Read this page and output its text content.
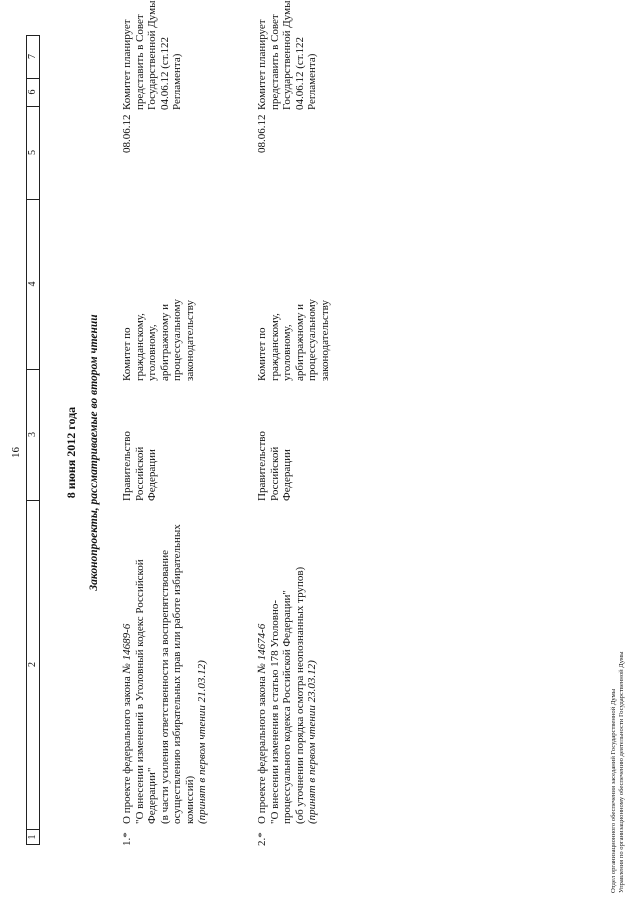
16
1
2
3
4
5
6
7
8 июня 2012 года Законопроекты, рассматриваемые во втором чтении
1.*
О проекте федерального закона № 14689-6 "О внесении изменений в Уголовный кодекс Российской Федерации" (в части усиления ответственности за воспрепятствование осуществлению избирательных прав или работе избирательных комиссий) (принят в первом чтении 21.03.12)
Правительство Российской Федерации
Комитет по гражданскому, уголовному, арбитражному и процессуальному законодательству
08.06.12
Комитет планирует представить в Совет Государственной Думы 04.06.12 (ст.122 Регламента)
2.*
О проекте федерального закона № 14674-6 "О внесении изменения в статью 178 Уголовно-процессуального кодекса Российской Федерации" (об уточнении порядка осмотра неопознанных трупов) (принят в первом чтении 23.03.12)
Правительство Российской Федерации
Комитет по гражданскому, уголовному, арбитражному и процессуальному законодательству
08.06.12
Комитет планирует представить в Совет Государственной Думы 04.06.12 (ст.122 Регламента)
Отдел организационного обеспечения заседаний Государственной Думы Управления по организационному обеспечению деятельности Государственной Думы
